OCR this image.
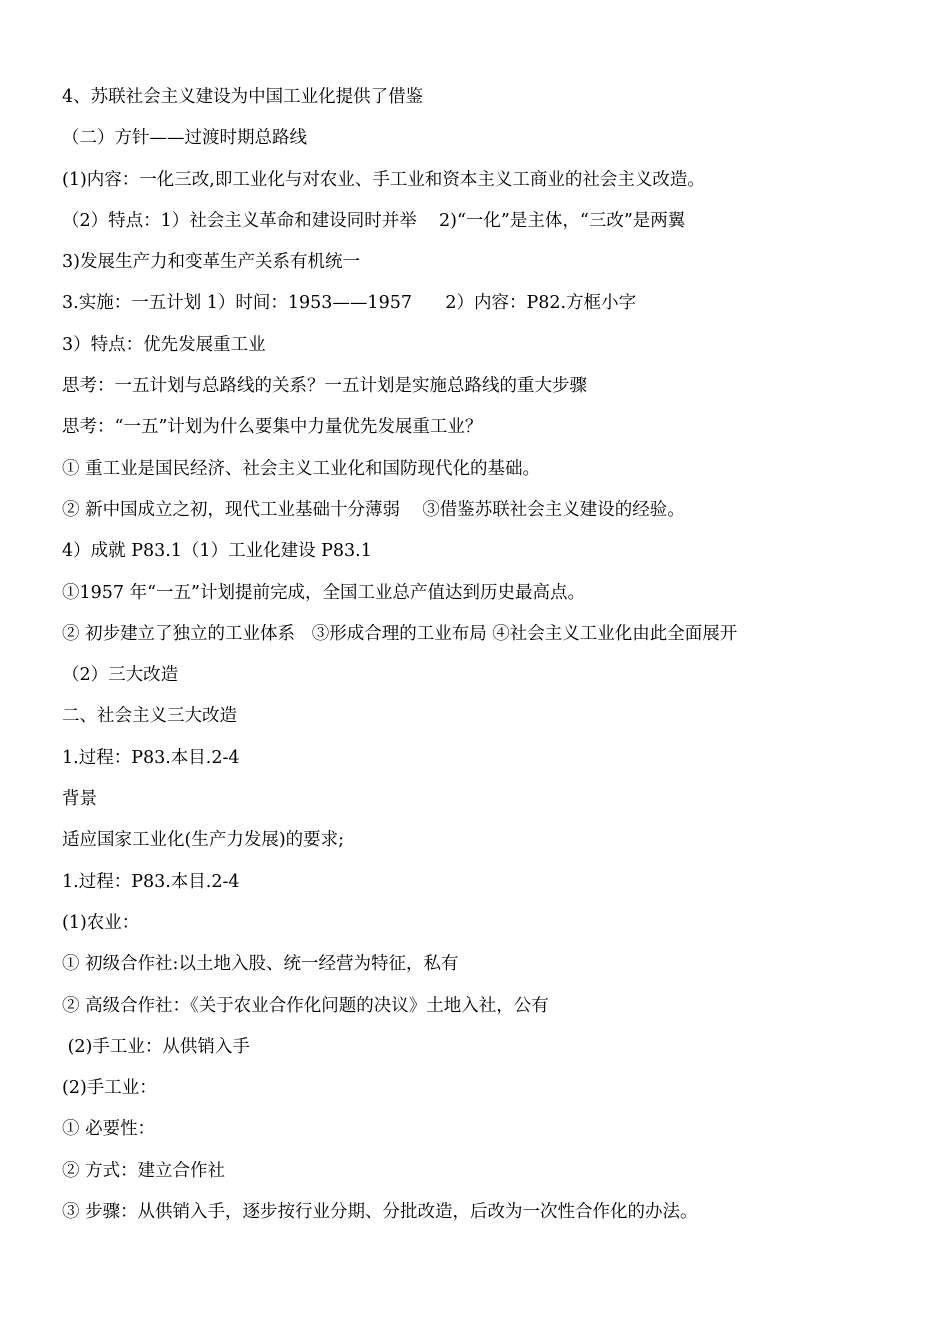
4、苏联社会主义建设为中国工业化提供了借鉴
（二）方针——过渡时期总路线
(1)内容：一化三改,即工业化与对农业、手工业和资本主义工商业的社会主义改造。
（2）特点：1）社会主义革命和建设同时并举    2)“一化”是主体，“三改”是两翼
3)发展生产力和变革生产关系有机统一
3.实施：一五计划 1）时间：1953——1957      2）内容：P82.方框小字
3）特点：优先发展重工业
思考：一五计划与总路线的关系？一五计划是实施总路线的重大步骤
思考：“一五”计划为什么要集中力量优先发展重工业？
① 重工业是国民经济、社会主义工业化和国防现代化的基础。
② 新中国成立之初，现代工业基础十分薄弱    ③借鉴苏联社会主义建设的经验。
4）成就 P83.1（1）工业化建设 P83.1
①1957 年“一五”计划提前完成，全国工业总产值达到历史最高点。
② 初步建立了独立的工业体系   ③形成合理的工业布局 ④社会主义工业化由此全面展开
（2）三大改造
二、社会主义三大改造
1.过程：P83.本目.2-4
背景
适应国家工业化(生产力发展)的要求;
1.过程：P83.本目.2-4
(1)农业：
① 初级合作社:以土地入股、统一经营为特征，私有
② 高级合作社：《关于农业合作化问题的决议》土地入社，公有
(2)手工业：从供销入手
(2)手工业：
① 必要性：
② 方式：建立合作社
③ 步骤：从供销入手，逐步按行业分期、分批改造，后改为一次性合作化的办法。
